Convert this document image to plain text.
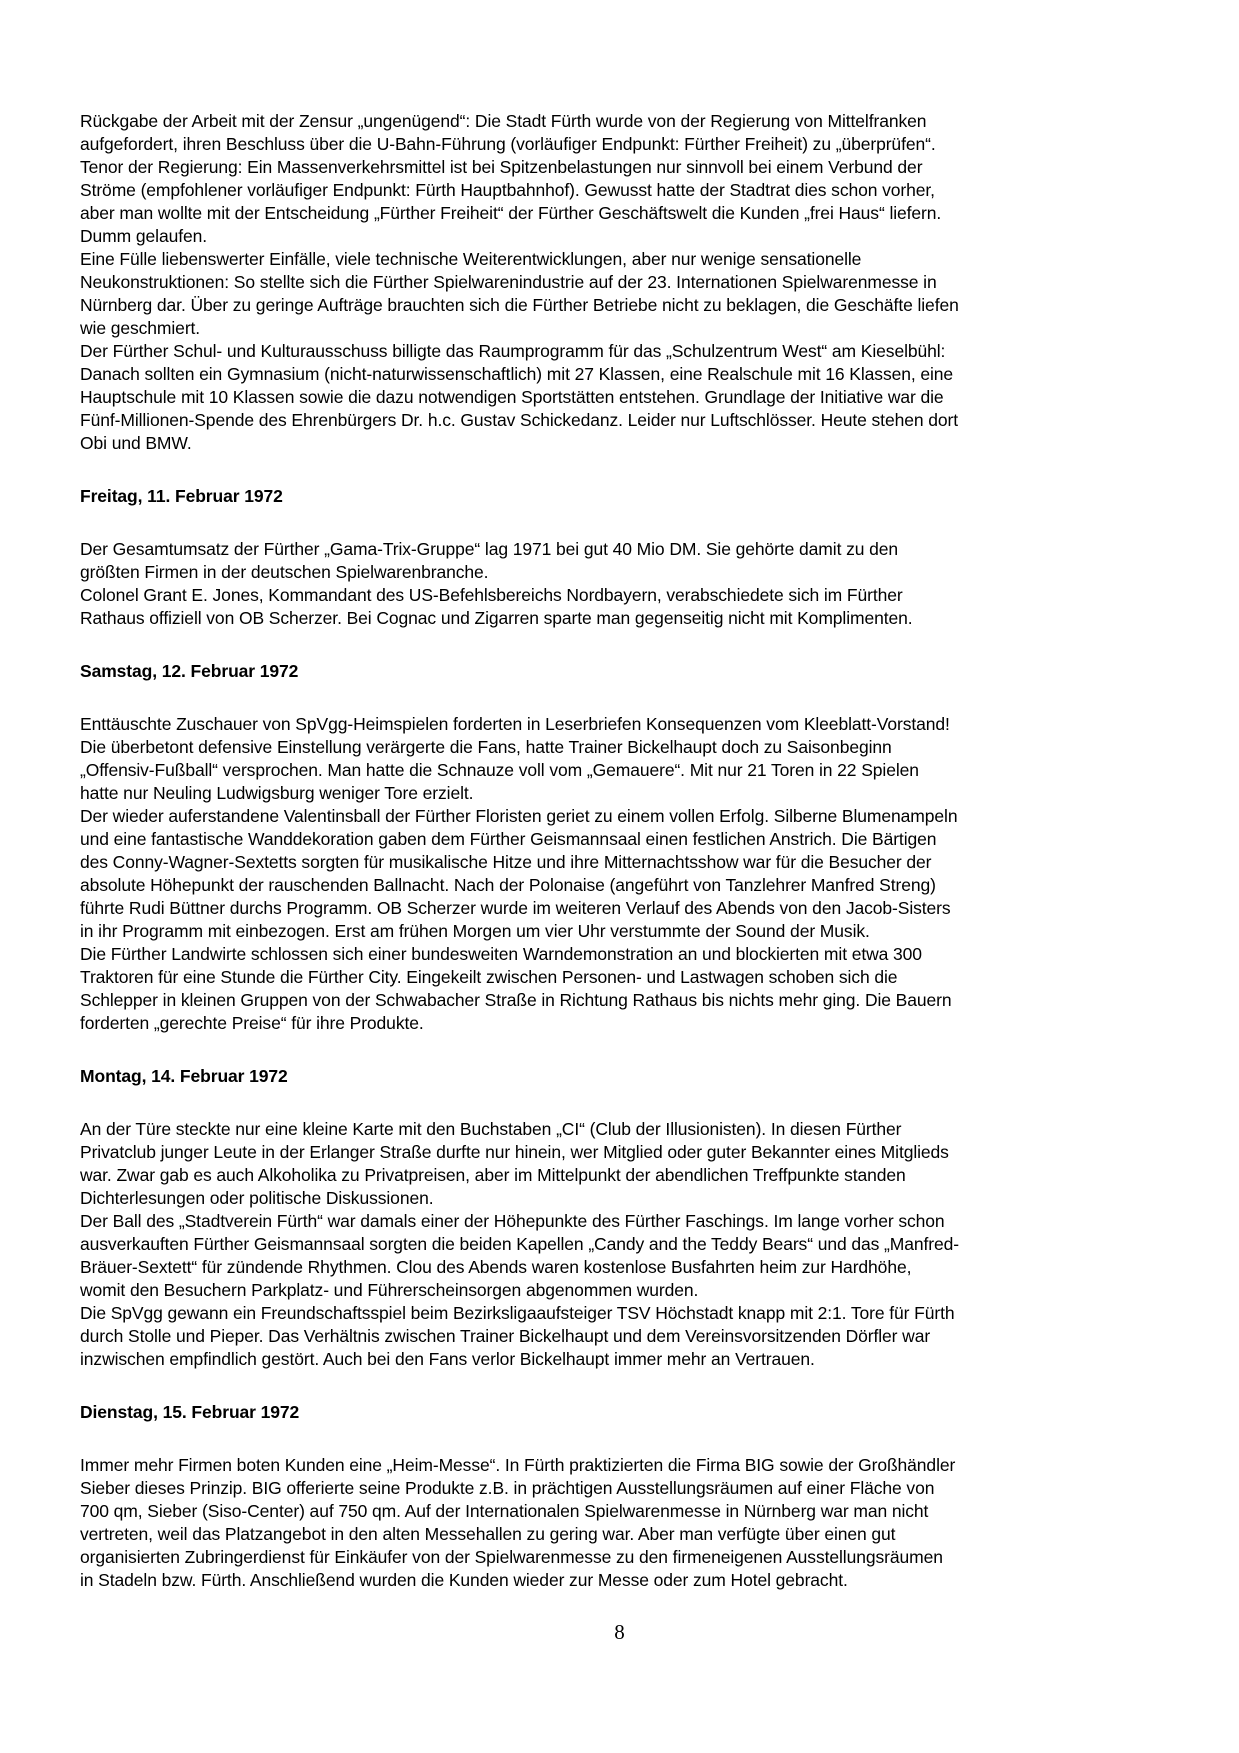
Rückgabe der Arbeit mit der Zensur „ungenügend“: Die Stadt Fürth wurde von der Regierung von Mittelfranken
aufgefordert, ihren Beschluss über die U-Bahn-Führung (vorläufiger Endpunkt: Fürther Freiheit) zu „überprüfen“.
Tenor der Regierung: Ein Massenverkehrsmittel ist bei Spitzenbelastungen nur sinnvoll bei einem Verbund der
Ströme (empfohlener vorläufiger Endpunkt: Fürth Hauptbahnhof). Gewusst hatte der Stadtrat dies schon vorher,
aber man wollte mit der Entscheidung „Fürther Freiheit“ der Fürther Geschäftswelt die Kunden „frei Haus“ liefern.
Dumm gelaufen.

Eine Fülle liebenswerter Einfälle, viele technische Weiterentwicklungen, aber nur wenige sensationelle
Neukonstruktionen: So stellte sich die Fürther Spielwarenindustrie auf der 23. Internationen Spielwarenmesse in
Nürnberg dar. Über zu geringe Aufträge brauchten sich die Fürther Betriebe nicht zu beklagen, die Geschäfte liefen
wie geschmiert.

Der Fürther Schul- und Kulturausschuss billigte das Raumprogramm für das „Schulzentrum West“ am Kieselbühl:
Danach sollten ein Gymnasium (nicht-naturwissenschaftlich) mit 27 Klassen, eine Realschule mit 16 Klassen, eine
Hauptschule mit 10 Klassen sowie die dazu notwendigen Sportstätten entstehen. Grundlage der Initiative war die
Fünf-Millionen-Spende des Ehrenbürgers Dr. h.c. Gustav Schickedanz. Leider nur Luftschlösser. Heute stehen dort
Obi und BMW.

Freitag, 11. Februar 1972

Der Gesamtumsatz der Fürther „Gama-Trix-Gruppe“ lag 1971 bei gut 40 Mio DM. Sie gehörte damit zu den
größten Firmen in der deutschen Spielwarenbranche.

Colonel Grant E. Jones, Kommandant des US-Befehlsbereichs Nordbayern, verabschiedete sich im Fürther
Rathaus offiziell von OB Scherzer. Bei Cognac und Zigarren sparte man gegenseitig nicht mit Komplimenten.

Samstag, 12. Februar 1972

Enttäuschte Zuschauer von SpVgg-Heimspielen forderten in Leserbriefen Konsequenzen vom Kleeblatt-Vorstand!
Die überbetont defensive Einstellung verärgerte die Fans, hatte Trainer Bickelhaupt doch zu Saisonbeginn
„Offensiv-Fußball“ versprochen. Man hatte die Schnauze voll vom „Gemauere“. Mit nur 21 Toren in 22 Spielen
hatte nur Neuling Ludwigsburg weniger Tore erzielt.

Der wieder auferstandene Valentinsball der Fürther Floristen geriet zu einem vollen Erfolg. Silberne Blumenampeln
und eine fantastische Wanddekoration gaben dem Fürther Geismannsaal einen festlichen Anstrich. Die Bärtigen
des Conny-Wagner-Sextetts sorgten für musikalische Hitze und ihre Mitternachtsshow war für die Besucher der
absolute Höhepunkt der rauschenden Ballnacht. Nach der Polonaise (angeführt von Tanzlehrer Manfred Streng)
führte Rudi Büttner durchs Programm. OB Scherzer wurde im weiteren Verlauf des Abends von den Jacob-Sisters
in ihr Programm mit einbezogen. Erst am frühen Morgen um vier Uhr verstummte der Sound der Musik.

Die Fürther Landwirte schlossen sich einer bundesweiten Warndemonstration an und blockierten mit etwa 300
Traktoren für eine Stunde die Fürther City. Eingekeilt zwischen Personen- und Lastwagen schoben sich die
Schlepper in kleinen Gruppen von der Schwabacher Straße in Richtung Rathaus bis nichts mehr ging. Die Bauern
forderten „gerechte Preise“ für ihre Produkte.

Montag, 14. Februar 1972

An der Türe steckte nur eine kleine Karte mit den Buchstaben „CI“ (Club der Illusionisten). In diesen Fürther
Privatclub junger Leute in der Erlanger Straße durfte nur hinein, wer Mitglied oder guter Bekannter eines Mitglieds
war. Zwar gab es auch Alkoholika zu Privatpreisen, aber im Mittelpunkt der abendlichen Treffpunkte standen
Dichterlesungen oder politische Diskussionen.

Der Ball des „Stadtverein Fürth“ war damals einer der Höhepunkte des Fürther Faschings. Im lange vorher schon
ausverkauften Fürther Geismannsaal sorgten die beiden Kapellen „Candy and the Teddy Bears“ und das „Manfred-
Bräuer-Sextett“ für zündende Rhythmen. Clou des Abends waren kostenlose Busfahrten heim zur Hardhöhe,
womit den Besuchern Parkplatz- und Führerscheinsorgen abgenommen wurden.

Die SpVgg gewann ein Freundschaftsspiel beim Bezirksligaaufsteiger TSV Höchstadt knapp mit 2:1. Tore für Fürth
durch Stolle und Pieper. Das Verhältnis zwischen Trainer Bickelhaupt und dem Vereinsvorsitzenden Dörfler war
inzwischen empfindlich gestört. Auch bei den Fans verlor Bickelhaupt immer mehr an Vertrauen.

Dienstag, 15. Februar 1972

Immer mehr Firmen boten Kunden eine „Heim-Messe“. In Fürth praktizierten die Firma BIG sowie der Großhändler
Sieber dieses Prinzip. BIG offerierte seine Produkte z.B. in prächtigen Ausstellungsräumen auf einer Fläche von
700 qm, Sieber (Siso-Center) auf 750 qm. Auf der Internationalen Spielwarenmesse in Nürnberg war man nicht
vertreten, weil das Platzangebot in den alten Messehallen zu gering war. Aber man verfügte über einen gut
organisierten Zubringerdienst für Einkäufer von der Spielwarenmesse zu den firmeneigenen Ausstellungsräumen
in Stadeln bzw. Fürth. Anschließend wurden die Kunden wieder zur Messe oder zum Hotel gebracht.

8
